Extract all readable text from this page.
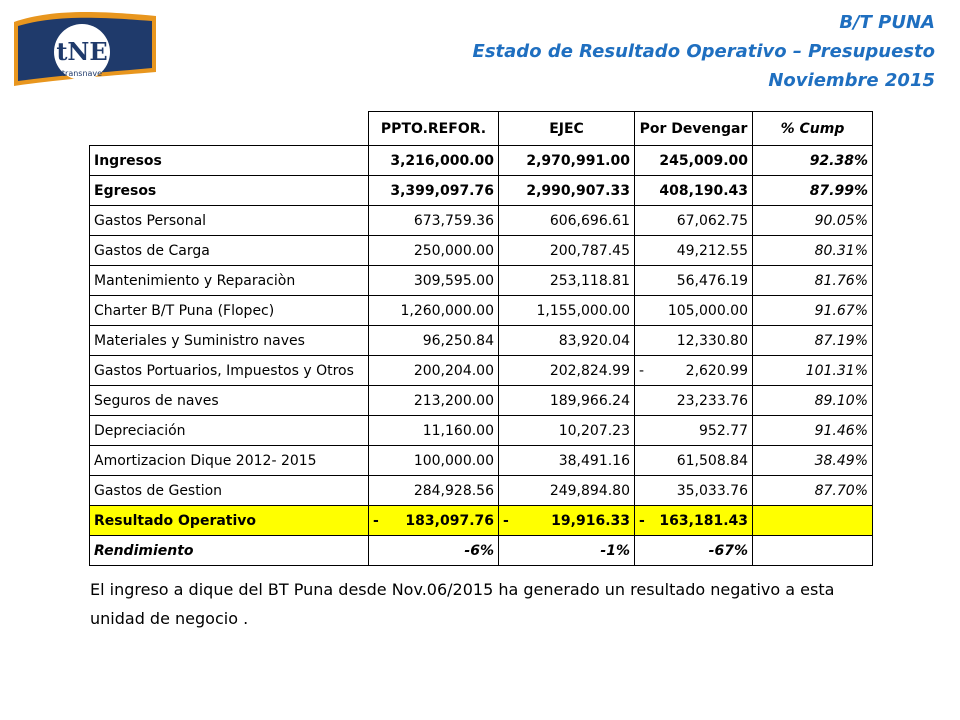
tNE
transnave
B/T PUNA
Estado de Resultado Operativo – Presupuesto
Noviembre 2015
	PPTO.REFOR.	EJEC	Por Devengar	% Cump
Ingresos	3,216,000.00	2,970,991.00	245,009.00	92.38%
Egresos	3,399,097.76	2,990,907.33	408,190.43	87.99%
Gastos Personal	673,759.36	606,696.61	67,062.75	90.05%
Gastos de Carga	250,000.00	200,787.45	49,212.55	80.31%
Mantenimiento y Reparaciòn	309,595.00	253,118.81	56,476.19	81.76%
Charter B/T Puna (Flopec)	1,260,000.00	1,155,000.00	105,000.00	91.67%
Materiales y Suministro naves	96,250.84	83,920.04	12,330.80	87.19%
Gastos Portuarios, Impuestos y Otros	200,204.00	202,824.99	- 2,620.99	101.31%
Seguros de naves	213,200.00	189,966.24	23,233.76	89.10%
Depreciación	11,160.00	10,207.23	952.77	91.46%
Amortizacion Dique 2012- 2015	100,000.00	38,491.16	61,508.84	38.49%
Gastos de Gestion	284,928.56	249,894.80	35,033.76	87.70%
Resultado Operativo	- 183,097.76	- 19,916.33	- 163,181.43	
Rendimiento	-6%	-1%	-67%	
El ingreso a dique del BT Puna desde Nov.06/2015 ha generado un resultado negativo a esta unidad de negocio .
